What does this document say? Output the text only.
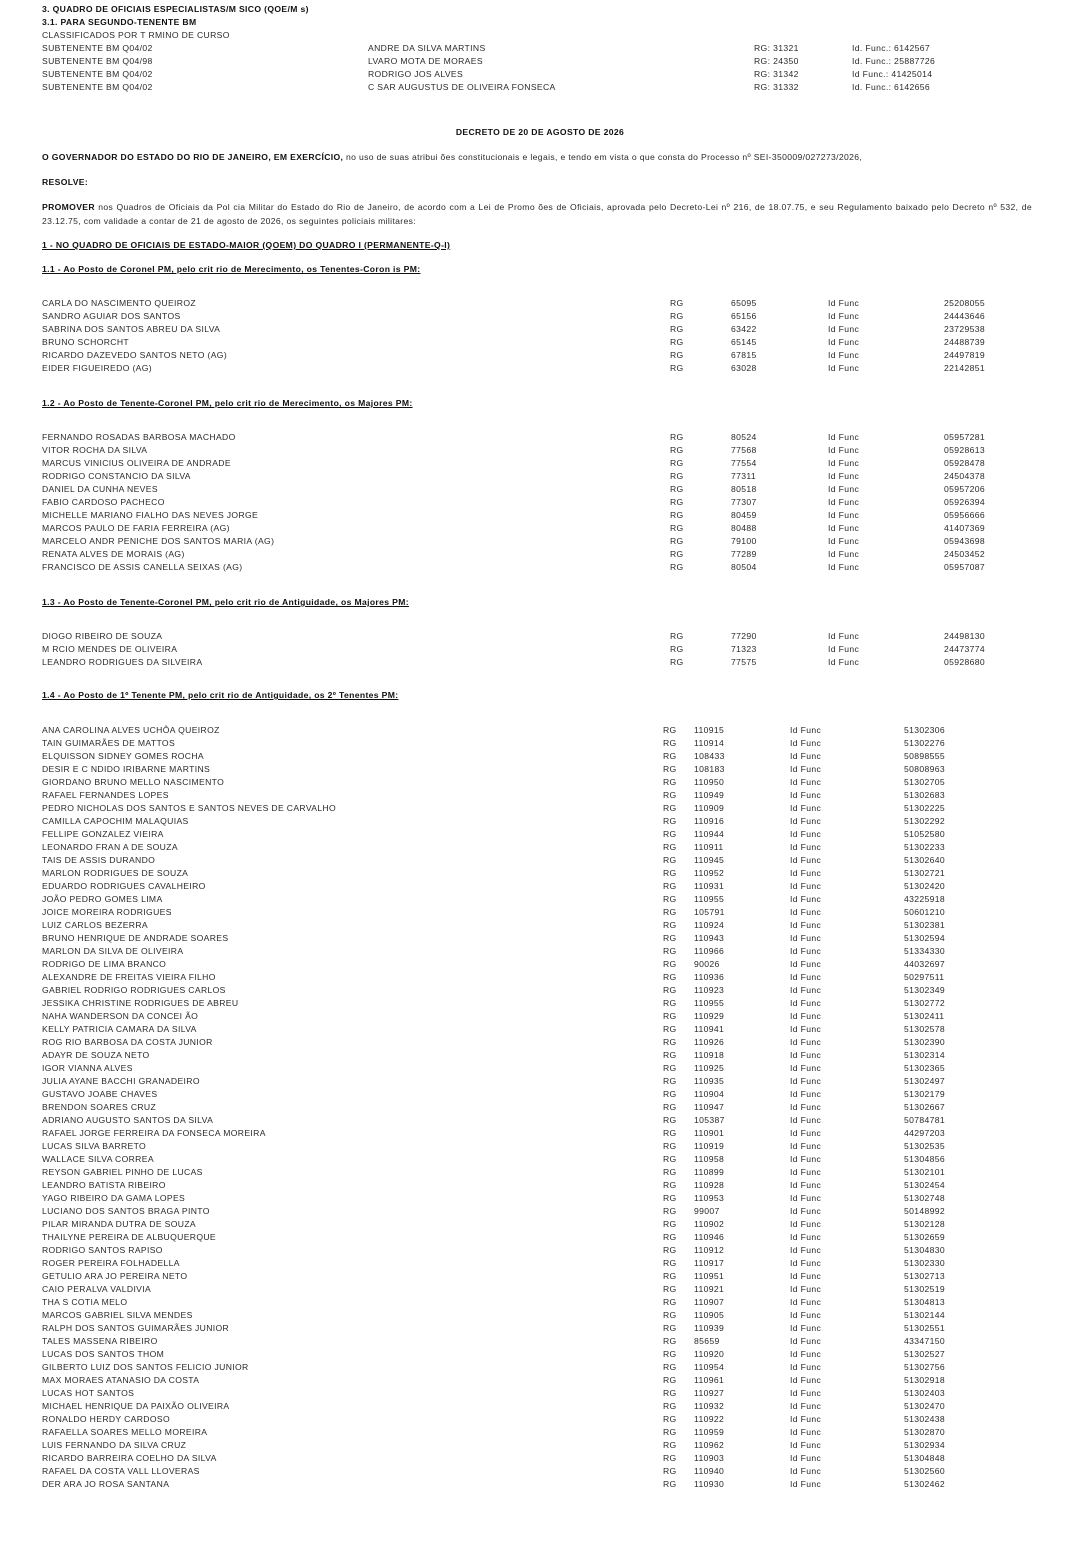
3. QUADRO DE OFICIAIS ESPECIALISTAS/M SICO (QOE/M s)
3.1. PARA SEGUNDO-TENENTE BM
CLASSIFICADOS POR T RMINO DE CURSO
SUBTENENTE BM Q04/02	ANDRE DA SILVA MARTINS	RG: 31321	Id. Func.: 6142567
SUBTENENTE BM Q04/98	LVARO MOTA DE MORAES	RG: 24350	Id. Func.: 25887726
SUBTENENTE BM Q04/02	RODRIGO JOS ALVES	RG: 31342	Id Func.: 41425014
SUBTENENTE BM Q04/02	C SAR AUGUSTUS DE OLIVEIRA FONSECA	RG: 31332	Id. Func.: 6142656
DECRETO DE 20 DE AGOSTO DE 2026
O GOVERNADOR DO ESTADO DO RIO DE JANEIRO, EM EXERCÍCIO, no uso de suas atribui ões constitucionais e legais, e tendo em vista o que consta do Processo nº SEI-350009/027273/2026,
RESOLVE:
PROMOVER nos Quadros de Oficiais da Pol cia Militar do Estado do Rio de Janeiro, de acordo com a Lei de Promo ões de Oficiais, aprovada pelo Decreto-Lei nº 216, de 18.07.75, e seu Regulamento baixado pelo Decreto nº 532, de 23.12.75, com validade a contar de 21 de agosto de 2026, os seguintes policiais militares:
1 - NO QUADRO DE OFICIAIS DE ESTADO-MAIOR (QOEM) DO QUADRO I (PERMANENTE-Q-I)
1.1 - Ao Posto de Coronel PM, pelo crit rio de Merecimento, os Tenentes-Coron is PM:
CARLA DO NASCIMENTO QUEIROZ	RG	65095	Id Func	25208055
SANDRO AGUIAR DOS SANTOS	RG	65156	Id Func	24443646
SABRINA DOS SANTOS ABREU DA SILVA	RG	63422	Id Func	23729538
BRUNO SCHORCHT	RG	65145	Id Func	24488739
RICARDO DAZEVEDO SANTOS NETO (AG)	RG	67815	Id Func	24497819
EIDER FIGUEIREDO (AG)	RG	63028	Id Func	22142851
1.2 - Ao Posto de Tenente-Coronel PM, pelo crit rio de Merecimento, os Majores PM:
FERNANDO ROSADAS BARBOSA MACHADO	RG	80524	Id Func	05957281
VITOR ROCHA DA SILVA	RG	77568	Id Func	05928613
MARCUS VINICIUS OLIVEIRA DE ANDRADE	RG	77554	Id Func	05928478
RODRIGO CONSTANCIO DA SILVA	RG	77311	Id Func	24504378
DANIEL DA CUNHA NEVES	RG	80518	Id Func	05957206
FABIO CARDOSO PACHECO	RG	77307	Id Func	05926394
MICHELLE MARIANO FIALHO DAS NEVES JORGE	RG	80459	Id Func	05956666
MARCOS PAULO DE FARIA FERREIRA (AG)	RG	80488	Id Func	41407369
MARCELO ANDR PENICHE DOS SANTOS MARIA (AG)	RG	79100	Id Func	05943698
RENATA ALVES DE MORAIS (AG)	RG	77289	Id Func	24503452
FRANCISCO DE ASSIS CANELLA SEIXAS (AG)	RG	80504	Id Func	05957087
1.3 - Ao Posto de Tenente-Coronel PM, pelo crit rio de Antiguidade, os Majores PM:
DIOGO RIBEIRO DE SOUZA	RG	77290	Id Func	24498130
M RCIO MENDES DE OLIVEIRA	RG	71323	Id Func	24473774
LEANDRO RODRIGUES DA SILVEIRA	RG	77575	Id Func	05928680
1.4 - Ao Posto de 1º Tenente PM, pelo crit rio de Antiguidade, os 2º Tenentes PM:
ANA CAROLINA ALVES UCHÔA QUEIROZ	RG 110915	Id Func	51302306
TAIN GUIMARÃES DE MATTOS	RG 110914	Id Func	51302276
ELQUISSON SIDNEY GOMES ROCHA	RG 108433	Id Func	50898555
DESIR E C NDIDO IRIBARNE MARTINS	RG 108183	Id Func	50808963
GIORDANO BRUNO MELLO NASCIMENTO	RG 110950	Id Func	51302705
RAFAEL FERNANDES LOPES	RG 110949	Id Func	51302683
PEDRO NICHOLAS DOS SANTOS E SANTOS NEVES DE CARVALHO	RG 110909	Id Func	51302225
CAMILLA CAPOCHIM MALAQUIAS	RG 110916	Id Func	51302292
FELLIPE GONZALEZ VIEIRA	RG 110944	Id Func	51052580
LEONARDO FRAN A DE SOUZA	RG 110911	Id Func	51302233
TAIS DE ASSIS DURANDO	RG 110945	Id Func	51302640
MARLON RODRIGUES DE SOUZA	RG 110952	Id Func	51302721
EDUARDO RODRIGUES CAVALHEIRO	RG 110931	Id Func	51302420
JOÃO PEDRO GOMES LIMA	RG 110955	Id Func	43225918
JOICE MOREIRA RODRIGUES	RG 105791	Id Func	50601210
LUIZ CARLOS BEZERRA	RG 110924	Id Func	51302381
BRUNO HENRIQUE DE ANDRADE SOARES	RG 110943	Id Func	51302594
MARLON DA SILVA DE OLIVEIRA	RG 110966	Id Func	51334330
RODRIGO DE LIMA BRANCO	RG 90026	Id Func	44032697
ALEXANDRE DE FREITAS VIEIRA FILHO	RG 110936	Id Func	50297511
GABRIEL RODRIGO RODRIGUES CARLOS	RG 110923	Id Func	51302349
JESSIKA CHRISTINE RODRIGUES DE ABREU	RG 110955	Id Func	51302772
NAHA WANDERSON DA CONCEI ÃO	RG 110929	Id Func	51302411
KELLY PATRICIA CAMARA DA SILVA	RG 110941	Id Func	51302578
ROG RIO BARBOSA DA COSTA JUNIOR	RG 110926	Id Func	51302390
ADAYR DE SOUZA NETO	RG 110918	Id Func	51302314
IGOR VIANNA ALVES	RG 110925	Id Func	51302365
JULIA AYANE BACCHI GRANADEIRO	RG 110935	Id Func	51302497
GUSTAVO JOABE CHAVES	RG 110904	Id Func	51302179
BRENDON SOARES CRUZ	RG 110947	Id Func	51302667
ADRIANO AUGUSTO SANTOS DA SILVA	RG 105387	Id Func	50784781
RAFAEL JORGE FERREIRA DA FONSECA MOREIRA	RG 110901	Id Func	44297203
LUCAS SILVA BARRETO	RG 110919	Id Func	51302535
WALLACE SILVA CORREA	RG 110958	Id Func	51304856
REYSON GABRIEL PINHO DE LUCAS	RG 110899	Id Func	51302101
LEANDRO BATISTA RIBEIRO	RG 110928	Id Func	51302454
YAGO RIBEIRO DA GAMA LOPES	RG 110953	Id Func	51302748
LUCIANO DOS SANTOS BRAGA PINTO	RG 99007	Id Func	50148992
PILAR MIRANDA DUTRA DE SOUZA	RG 110902	Id Func	51302128
THAILYNE PEREIRA DE ALBUQUERQUE	RG 110946	Id Func	51302659
RODRIGO SANTOS RAPISO	RG 110912	Id Func	51304830
ROGER PEREIRA FOLHADELLA	RG 110917	Id Func	51302330
GETULIO ARA JO PEREIRA NETO	RG 110951	Id Func	51302713
CAIO PERALVA VALDIVIA	RG 110921	Id Func	51302519
THA S COTIA MELO	RG 110907	Id Func	51304813
MARCOS GABRIEL SILVA MENDES	RG 110905	Id Func	51302144
RALPH DOS SANTOS GUIMARÃES JUNIOR	RG 110939	Id Func	51302551
TALES MASSENA RIBEIRO	RG 85659	Id Func	43347150
LUCAS DOS SANTOS THOM	RG 110920	Id Func	51302527
GILBERTO LUIZ DOS SANTOS FELICIO JUNIOR	RG 110954	Id Func	51302756
MAX MORAES ATANASIO DA COSTA	RG 110961	Id Func	51302918
LUCAS HOT SANTOS	RG 110927	Id Func	51302403
MICHAEL HENRIQUE DA PAIXÃO OLIVEIRA	RG 110932	Id Func	51302470
RONALDO HERDY CARDOSO	RG 110922	Id Func	51302438
RAFAELLA SOARES MELLO MOREIRA	RG 110959	Id Func	51302870
LUIS FERNANDO DA SILVA CRUZ	RG 110962	Id Func	51302934
RICARDO BARREIRA COELHO DA SILVA	RG 110903	Id Func	51304848
RAFAEL DA COSTA VALL LLOVERAS	RG 110940	Id Func	51302560
DER ARA JO ROSA SANTANA	RG 110930	Id Func	51302462
